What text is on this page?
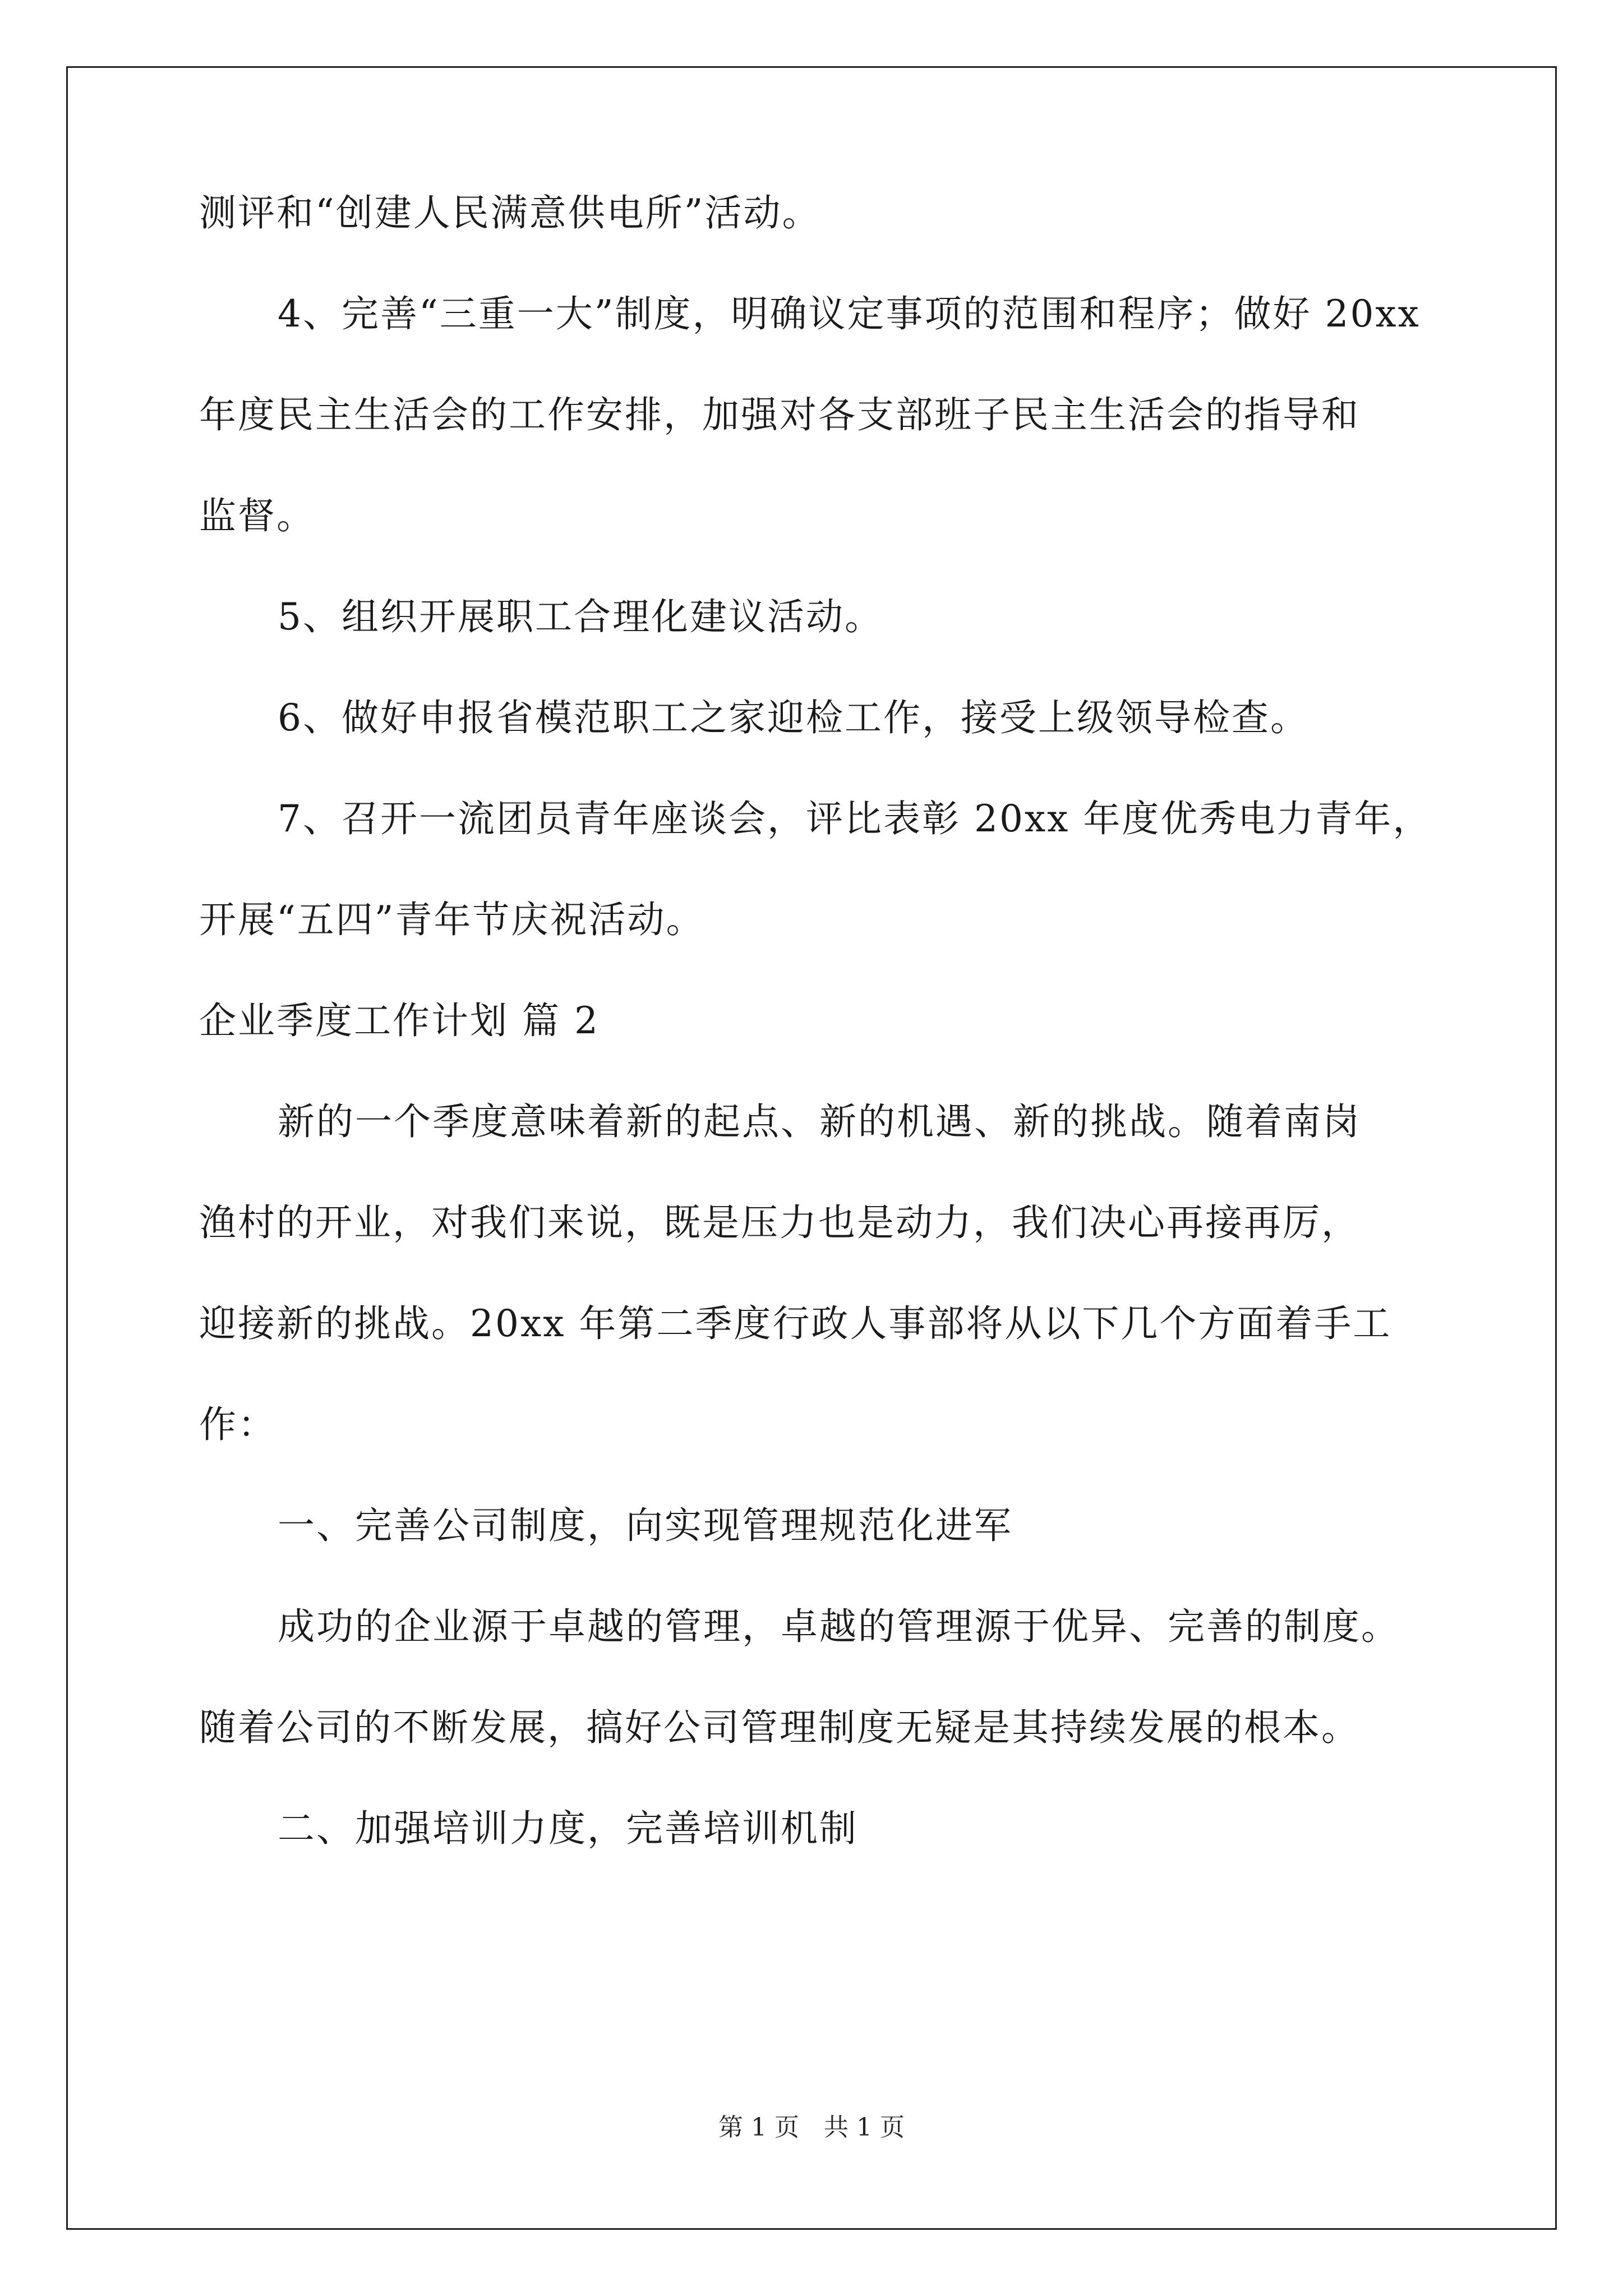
测评和“创建人民满意供电所”活动。
4、完善“三重一大”制度，明确议定事项的范围和程序；做好 20xx
年度民主生活会的工作安排，加强对各支部班子民主生活会的指导和
监督。
5、组织开展职工合理化建议活动。
6、做好申报省模范职工之家迎检工作，接受上级领导检查。
7、召开一流团员青年座谈会，评比表彰 20xx 年度优秀电力青年，
开展“五四”青年节庆祝活动。
企业季度工作计划 篇 2
新的一个季度意味着新的起点、新的机遇、新的挑战。随着南岗
渔村的开业，对我们来说，既是压力也是动力，我们决心再接再厉，
迎接新的挑战。20xx 年第二季度行政人事部将从以下几个方面着手工
作：
一、完善公司制度，向实现管理规范化进军
成功的企业源于卓越的管理，卓越的管理源于优异、完善的制度。
随着公司的不断发展，搞好公司管理制度无疑是其持续发展的根本。
二、加强培训力度，完善培训机制
第 1 页　共 1 页
